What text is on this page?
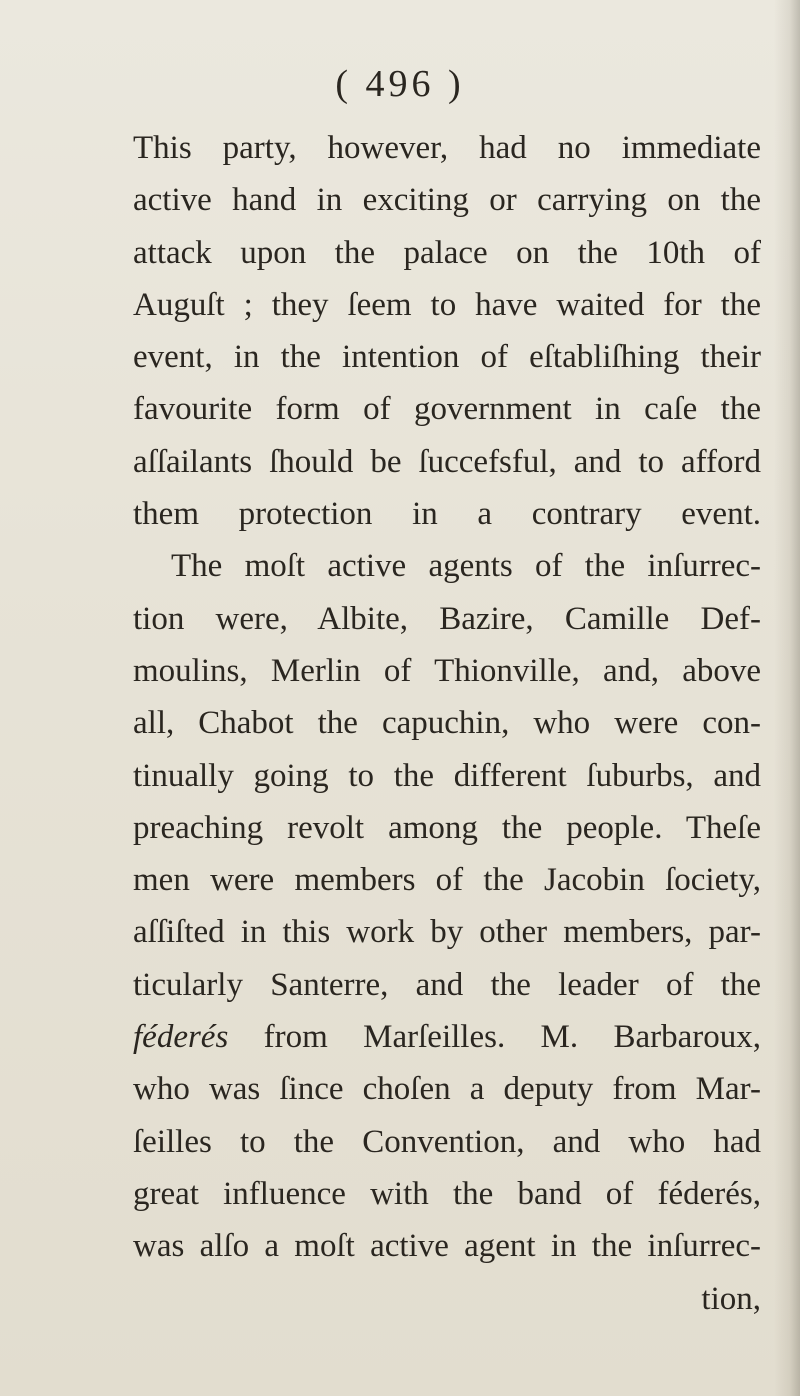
( 496 )
This party, however, had no immediate
active hand in exciting or carrying on the
attack upon the palace on the 10th of
Auguſt ; they ſeem to have waited for the
event, in the intention of eſtabliſhing their
favourite form of government in caſe the
aſſailants ſhould be ſuccefsful, and to afford
them protection in a contrary event.
The moſt active agents of the inſurrec-
tion were, Albite, Bazire, Camille Def-
moulins, Merlin of Thionville, and, above
all, Chabot the capuchin, who were con-
tinually going to the different ſuburbs, and
preaching revolt among the people. Theſe
men were members of the Jacobin ſociety,
aſſiſted in this work by other members, par-
ticularly Santerre, and the leader of the
féderés from Marſeilles. M. Barbaroux,
who was ſince choſen a deputy from Mar-
ſeilles to the Convention, and who had
great influence with the band of féderés,
was alſo a moſt active agent in the inſurrec-
tion,
